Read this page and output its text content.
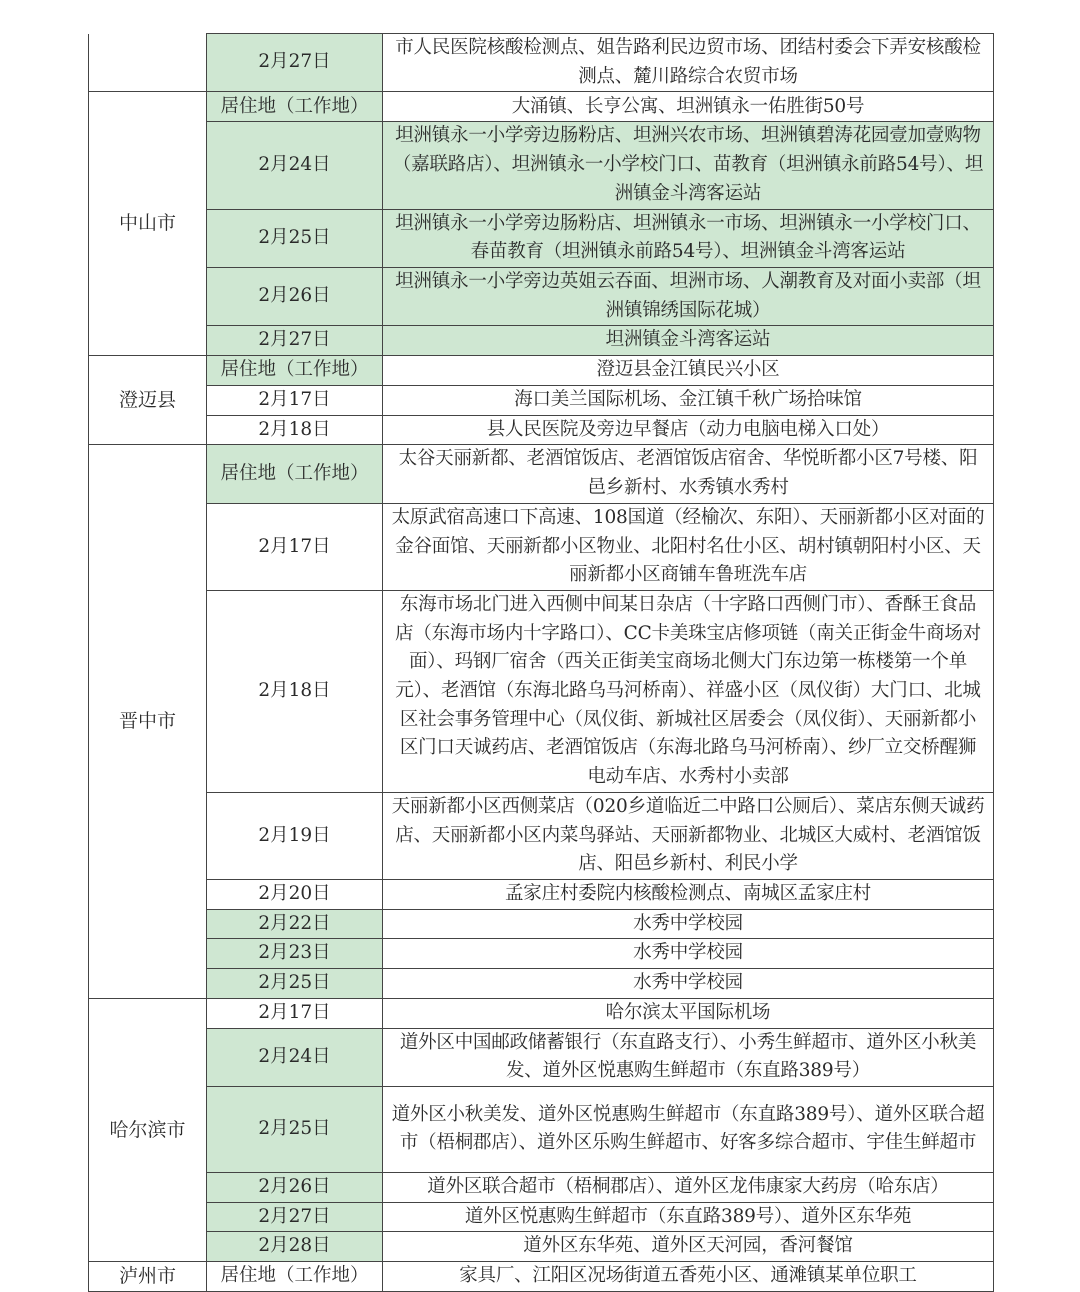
	2月27日	市人民医院核酸检测点、姐告路利民边贸市场、团结村委会下弄安核酸检测点、麓川路综合农贸市场
中山市	居住地（工作地）	大涌镇、长亨公寓、坦洲镇永一佑胜街50号
	2月24日	坦洲镇永一小学旁边肠粉店、坦洲兴农市场、坦洲镇碧涛花园壹加壹购物（嘉联路店）、坦洲镇永一小学校门口、苗教育（坦洲镇永前路54号）、坦洲镇金斗湾客运站
	2月25日	坦洲镇永一小学旁边肠粉店、坦洲镇永一市场、坦洲镇永一小学校门口、春苗教育（坦洲镇永前路54号）、坦洲镇金斗湾客运站
	2月26日	坦洲镇永一小学旁边英姐云吞面、坦洲市场、人潮教育及对面小卖部（坦洲镇锦绣国际花城）
	2月27日	坦洲镇金斗湾客运站
澄迈县	居住地（工作地）	澄迈县金江镇民兴小区
	2月17日	海口美兰国际机场、金江镇千秋广场拾味馆
	2月18日	县人民医院及旁边早餐店（动力电脑电梯入口处）
晋中市	居住地（工作地）	太谷天丽新都、老酒馆饭店、老酒馆饭店宿舍、华悦昕都小区7号楼、阳邑乡新村、水秀镇水秀村
	2月17日	太原武宿高速口下高速、108国道（经榆次、东阳）、天丽新都小区对面的金谷面馆、天丽新都小区物业、北阳村名仕小区、胡村镇朝阳村小区、天丽新都小区商铺车鲁班洗车店
	2月18日	东海市场北门进入西侧中间某日杂店（十字路口西侧门市）、香酥王食品店（东海市场内十字路口）、CC卡美珠宝店修项链（南关正街金牛商场对面）、玛钢厂宿舍（西关正街美宝商场北侧大门东边第一栋楼第一个单元）、老酒馆（东海北路乌马河桥南）、祥盛小区（凤仪街）大门口、北城区社会事务管理中心（凤仪街、新城社区居委会（凤仪街）、天丽新都小区门口天诚药店、老酒馆饭店（东海北路乌马河桥南）、纱厂立交桥醒狮电动车店、水秀村小卖部
	2月19日	天丽新都小区西侧菜店（020乡道临近二中路口公厕后）、菜店东侧天诚药店、天丽新都小区内菜鸟驿站、天丽新都物业、北城区大威村、老酒馆饭店、阳邑乡新村、利民小学
	2月20日	孟家庄村委院内核酸检测点、南城区孟家庄村
	2月22日	水秀中学校园
	2月23日	水秀中学校园
	2月25日	水秀中学校园
哈尔滨市	2月17日	哈尔滨太平国际机场
	2月24日	道外区中国邮政储蓄银行（东直路支行）、小秀生鲜超市、道外区小秋美发、道外区悦惠购生鲜超市（东直路389号）
	2月25日	道外区小秋美发、道外区悦惠购生鲜超市（东直路389号）、道外区联合超市（梧桐郡店）、道外区乐购生鲜超市、好客多综合超市、宇佳生鲜超市
	2月26日	道外区联合超市（梧桐郡店）、道外区龙伟康家大药房（哈东店）
	2月27日	道外区悦惠购生鲜超市（东直路389号）、道外区东华苑
	2月28日	道外区东华苑、道外区天河园，香河餐馆
泸州市	居住地（工作地）	家具厂、江阳区况场街道五香苑小区、通滩镇某单位职工
